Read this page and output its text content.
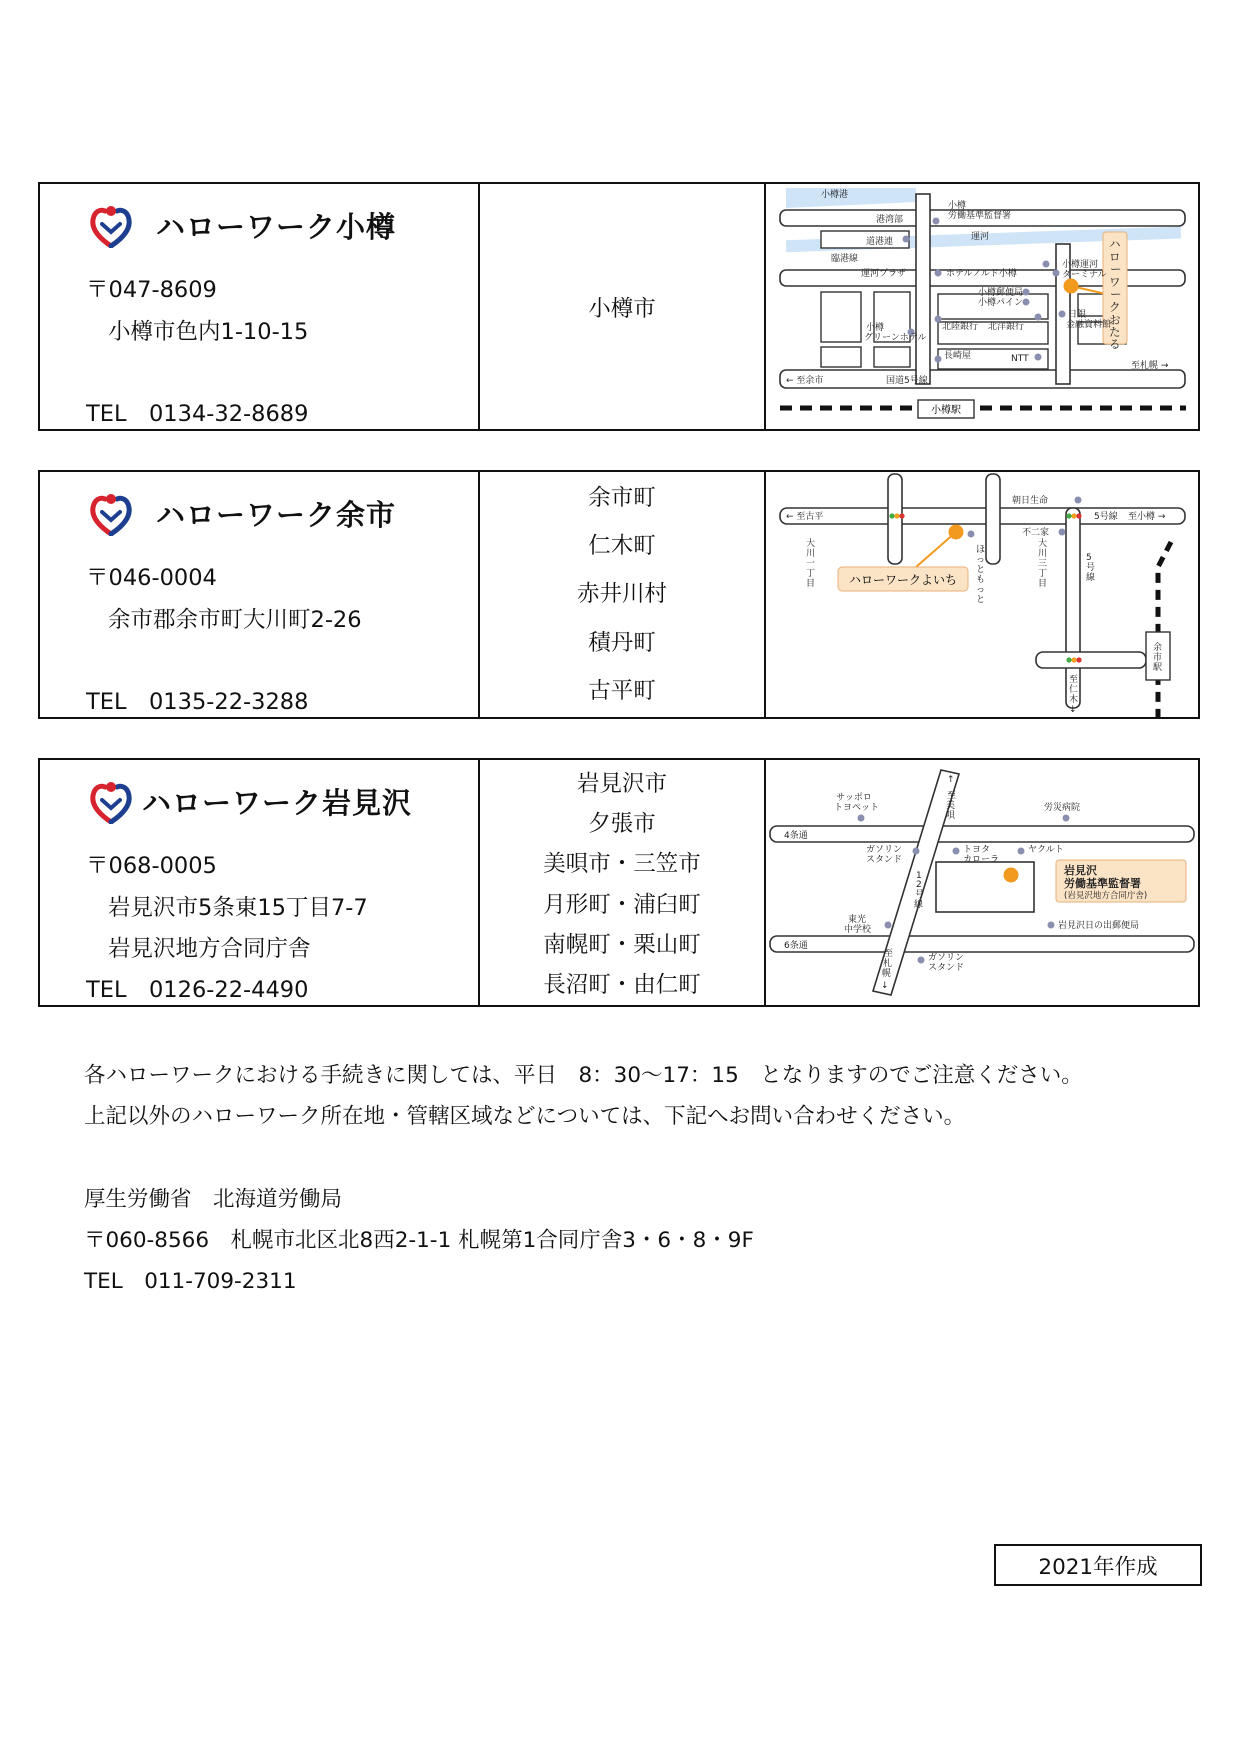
ハローワーク小樽
〒047-8609
小樽市色内1-10-15
TEL　0134-32-8689
小樽市
小樽港
港湾部
小樽
労働基準監督署
道港連	運河
臨港線
運河プラザ	ホテルノルド小樽
小樽運河
ターミナル
小樽郵便局
小樽パイン
日銀
金融資料館
小樽
グリーンホテル
北陸銀行 北洋銀行
長崎屋	NTT
← 至余市	国道5号線
至札幌 →
小樽駅
ハロー ワーク おたる
ハローワーク余市
〒046-0004
余市郡余市町大川町2-26
TEL　0135-22-3288
余市町
仁木町
赤井川村
積丹町
古平町
ハローワークよいち
← 至古平
朝日生命
5号線 至小樽 →
不二家
大川一丁目
ほっともっと
大川三丁目
5 号線
至仁木↓
余市駅
ハローワーク岩見沢
〒068-0005
岩見沢市5条東15丁目7-7
岩見沢地方合同庁舎
TEL　0126-22-4490
岩見沢市
夕張市
美唄市・三笠市
月形町・浦臼町
南幌町・栗山町
長沼町・由仁町
岩見沢
労働基準監督署
(岩見沢地方合同庁舎)
サッポロ
トヨペット	労災病院
4条通
ガソリン
スタンド
トヨタ
カローラ
ヤクルト
東光
中学校	岩見沢日の出郵便局
6条通
ガソリン
スタンド
↑至美唄
1 2 号線
至札幌↓
各ハローワークにおける手続きに関しては、平日　8：30～17：15　となりますのでご注意ください。
上記以外のハローワーク所在地・管轄区域などについては、下記へお問い合わせください。
厚生労働省　北海道労働局
〒060-8566　札幌市北区北8西2-1-1 札幌第1合同庁舎3・6・8・9F
TEL　011-709-2311
2021年作成
